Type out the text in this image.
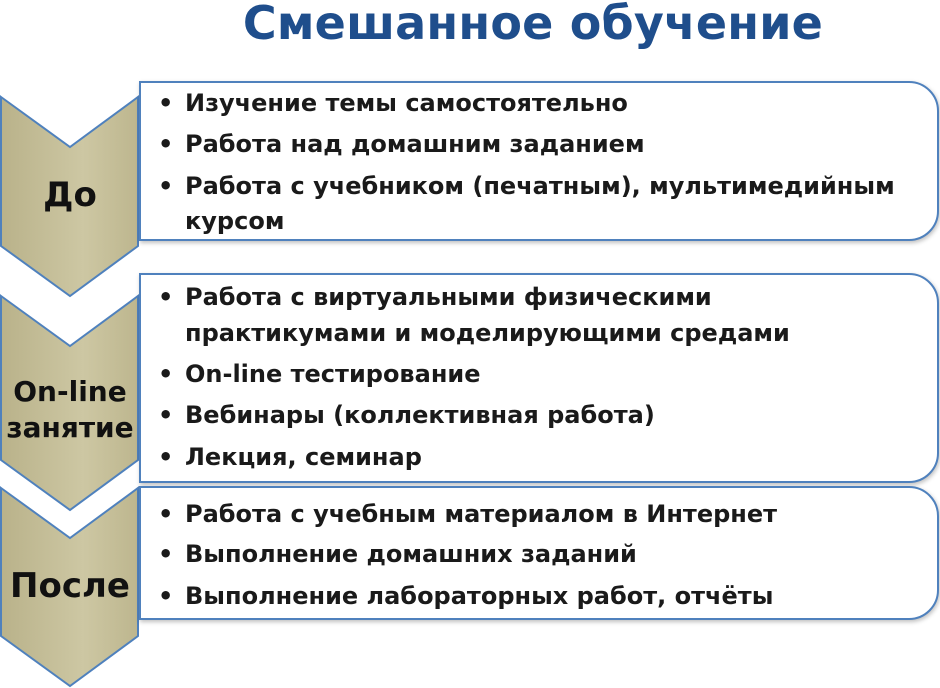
Смешанное обучение
До
On-line
занятие
После
• Изучение темы самостоятельно
• Работа над домашним заданием
• Работа с учебником (печатным), мультимедийным
курсом
• Работа с виртуальными физическими
практикумами и моделирующими средами
• On-line тестирование
• Вебинары (коллективная работа)
• Лекция, семинар
• Работа с учебным материалом в Интернет
• Выполнение домашних заданий
• Выполнение лабораторных работ, отчёты
